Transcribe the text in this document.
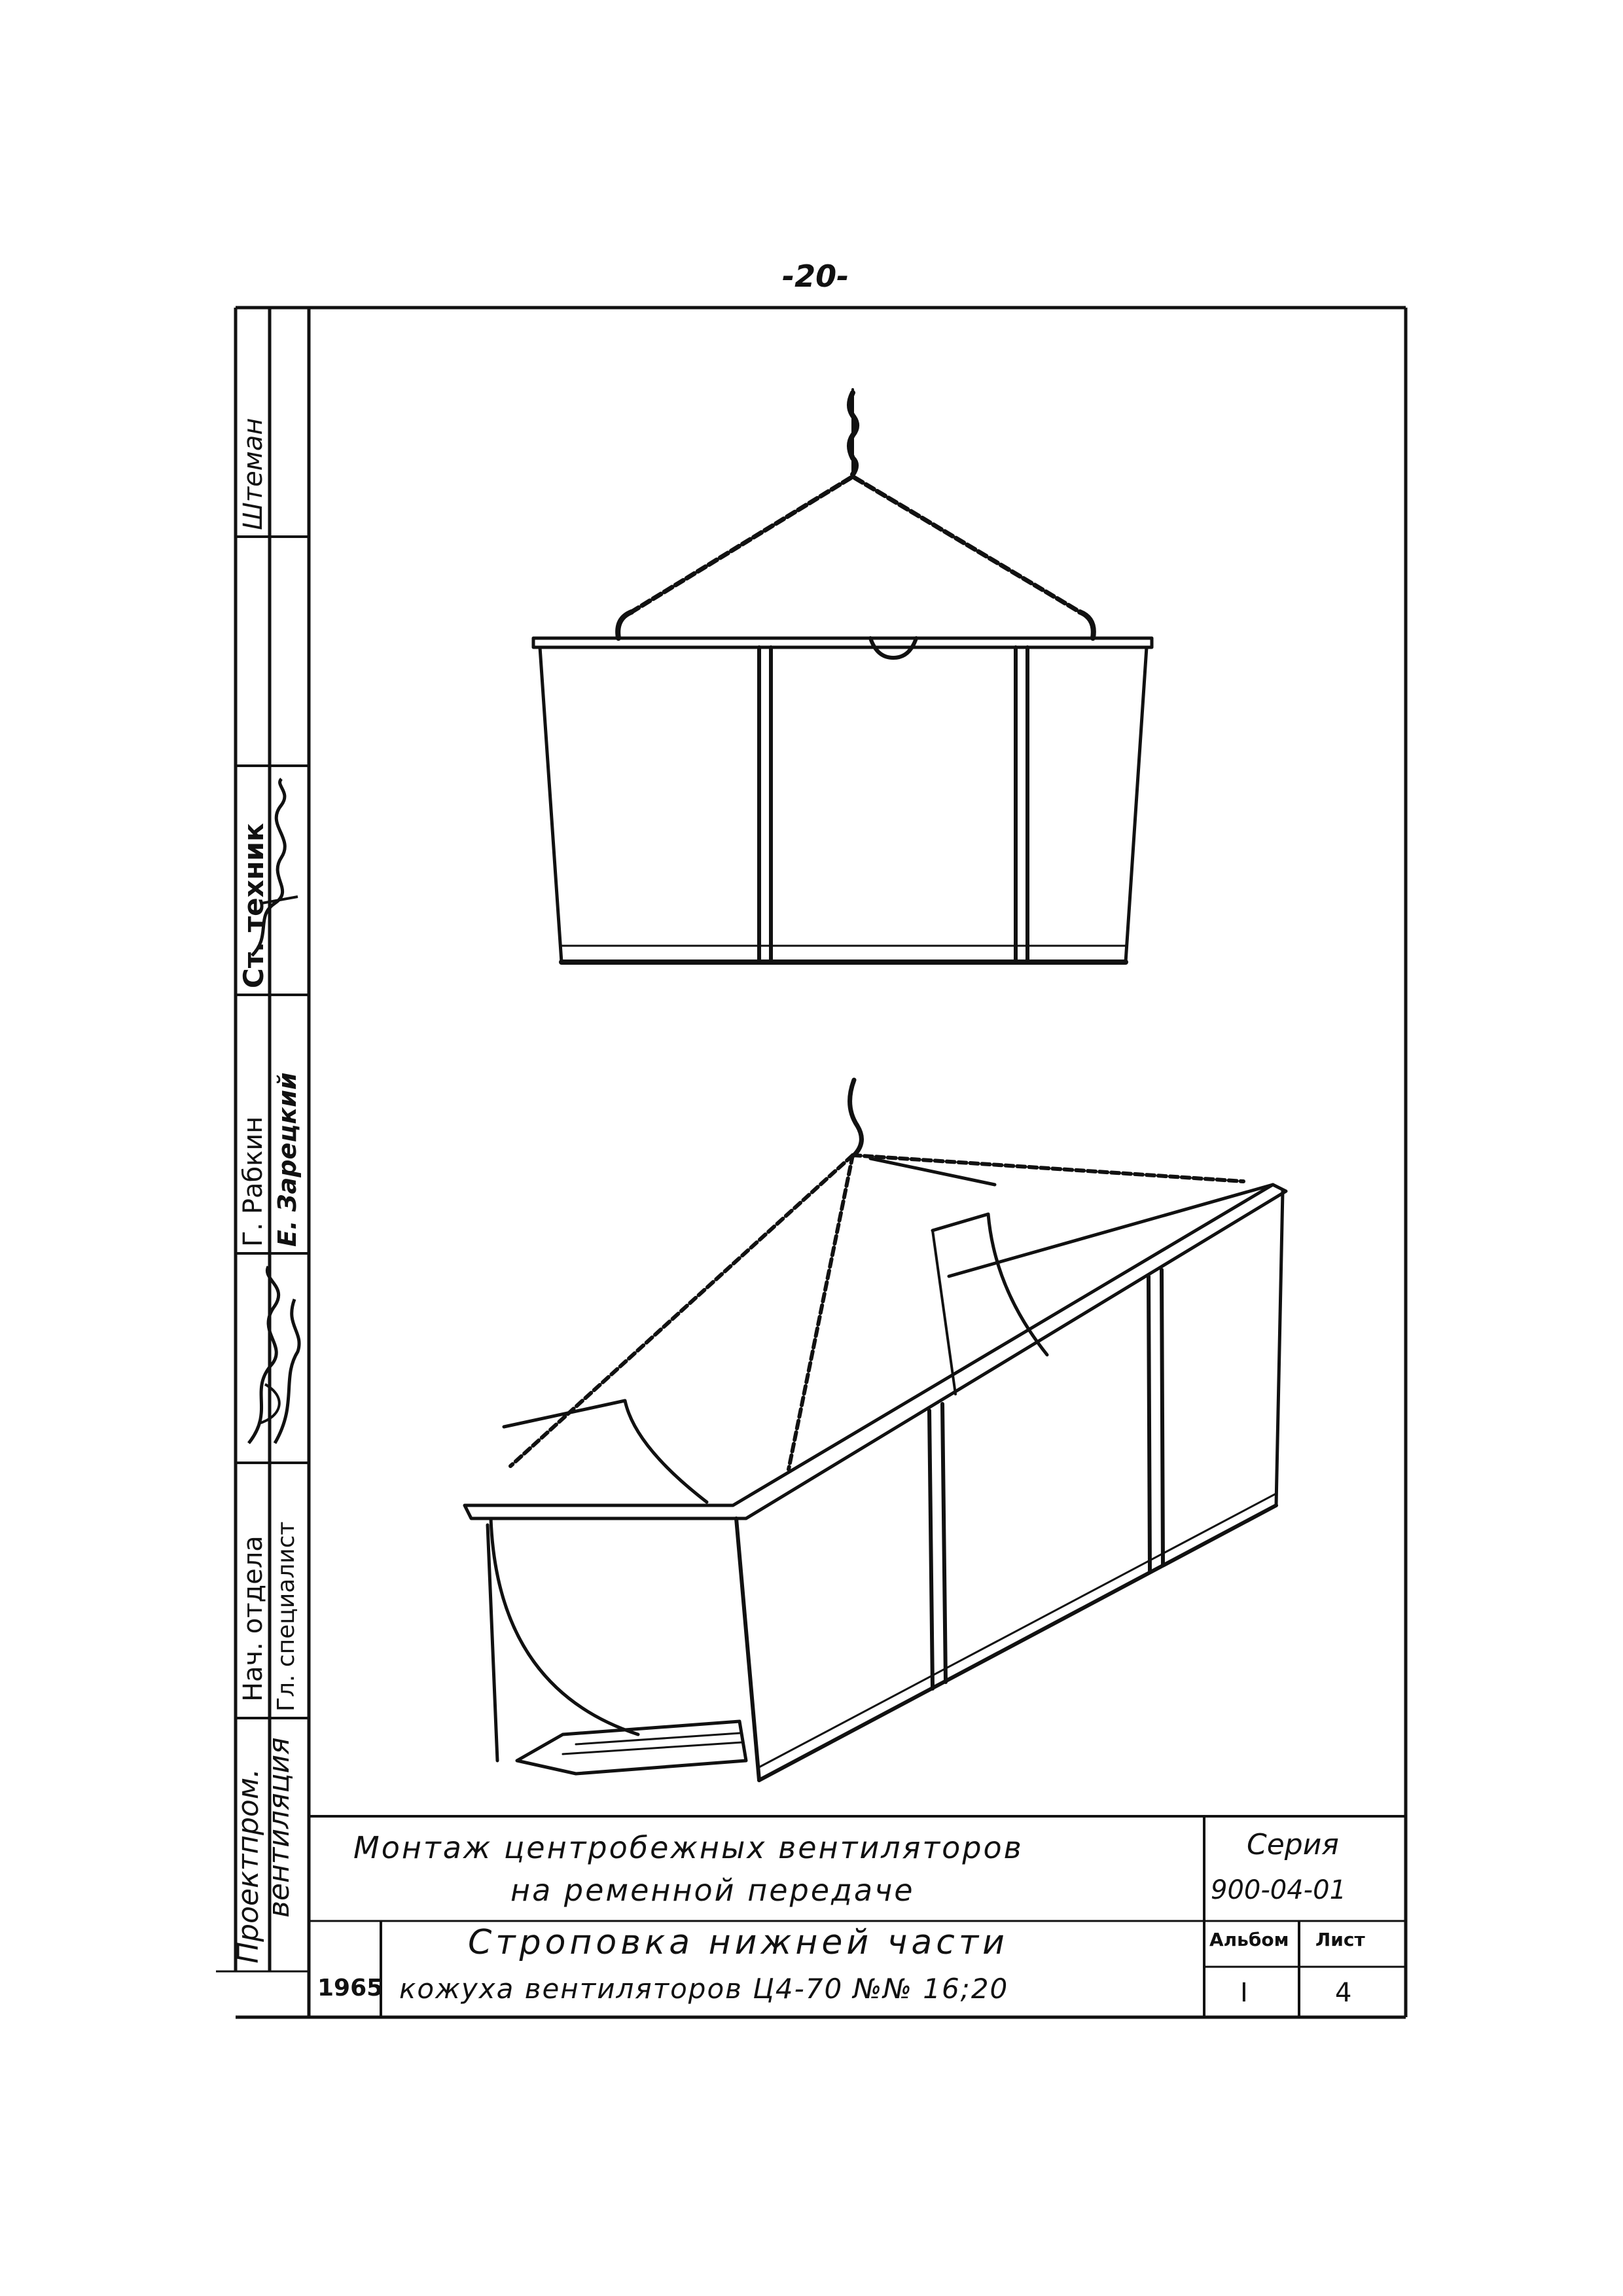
-20-
Монтаж центробежных вентиляторов
на ременной передаче
Серия
900-04-01
1965
Строповка нижней части
кожуха вентиляторов Ц4-70 №№ 16;20
Альбом
I
Лист
4
Проектпром.
вентиляция
Нач. отдела Гл. специалист
Г. Рабкин Е. Зарецкий
Ст. техник
Штеман
